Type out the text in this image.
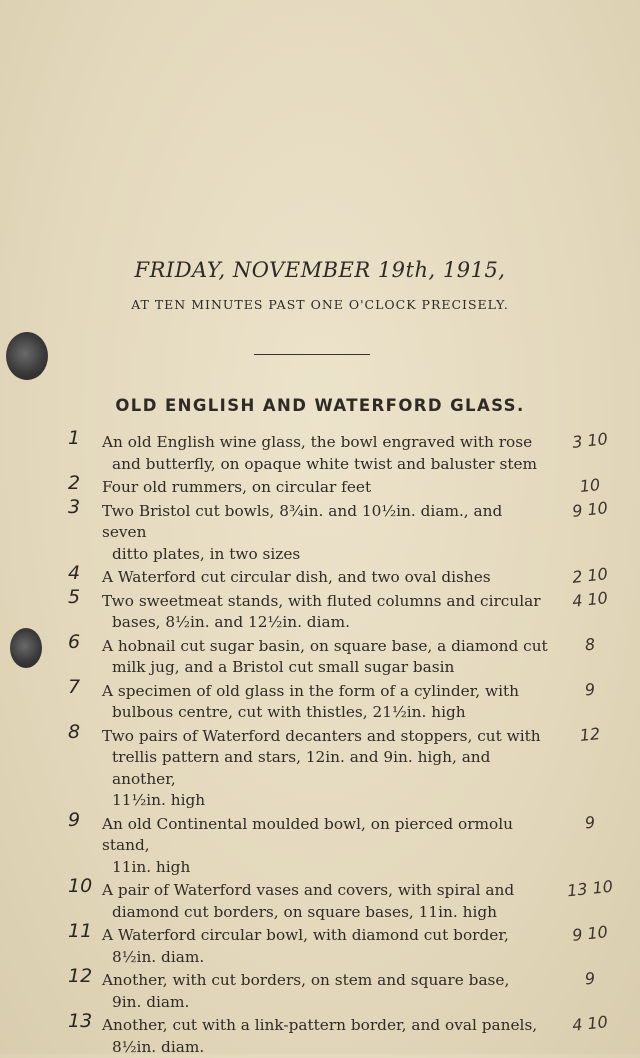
FRIDAY, NOVEMBER 19th, 1915,
AT TEN MINUTES PAST ONE O'CLOCK PRECISELY.
OLD ENGLISH AND WATERFORD GLASS.
1 An old English wine glass, the bowl engraved with rose
and butterfly, on opaque white twist and baluster stem
3 10
2 Four old rummers, on circular feet	10
3 Two Bristol cut bowls, 8¾in. and 10½in. diam., and seven
ditto plates, in two sizes
9 10
4 A Waterford cut circular dish, and two oval dishes	2 10
5 Two sweetmeat stands, with fluted columns and circular
bases, 8½in. and 12½in. diam.
4 10
6 A hobnail cut sugar basin, on square base, a diamond cut
milk jug, and a Bristol cut small sugar basin
8
7 A specimen of old glass in the form of a cylinder, with
bulbous centre, cut with thistles, 21½in. high
9
8 Two pairs of Waterford decanters and stoppers, cut with
trellis pattern and stars, 12in. and 9in. high, and another,
11½in. high
12
9 An old Continental moulded bowl, on pierced ormolu stand,
11in. high
9
10 A pair of Waterford vases and covers, with spiral and
diamond cut borders, on square bases, 11in. high
13 10
11 A Waterford circular bowl, with diamond cut border,
8½in. diam.
9 10
12 Another, with cut borders, on stem and square base,
9in. diam.
9
13 Another, cut with a link-pattern border, and oval panels,
8½in. diam.
4 10
